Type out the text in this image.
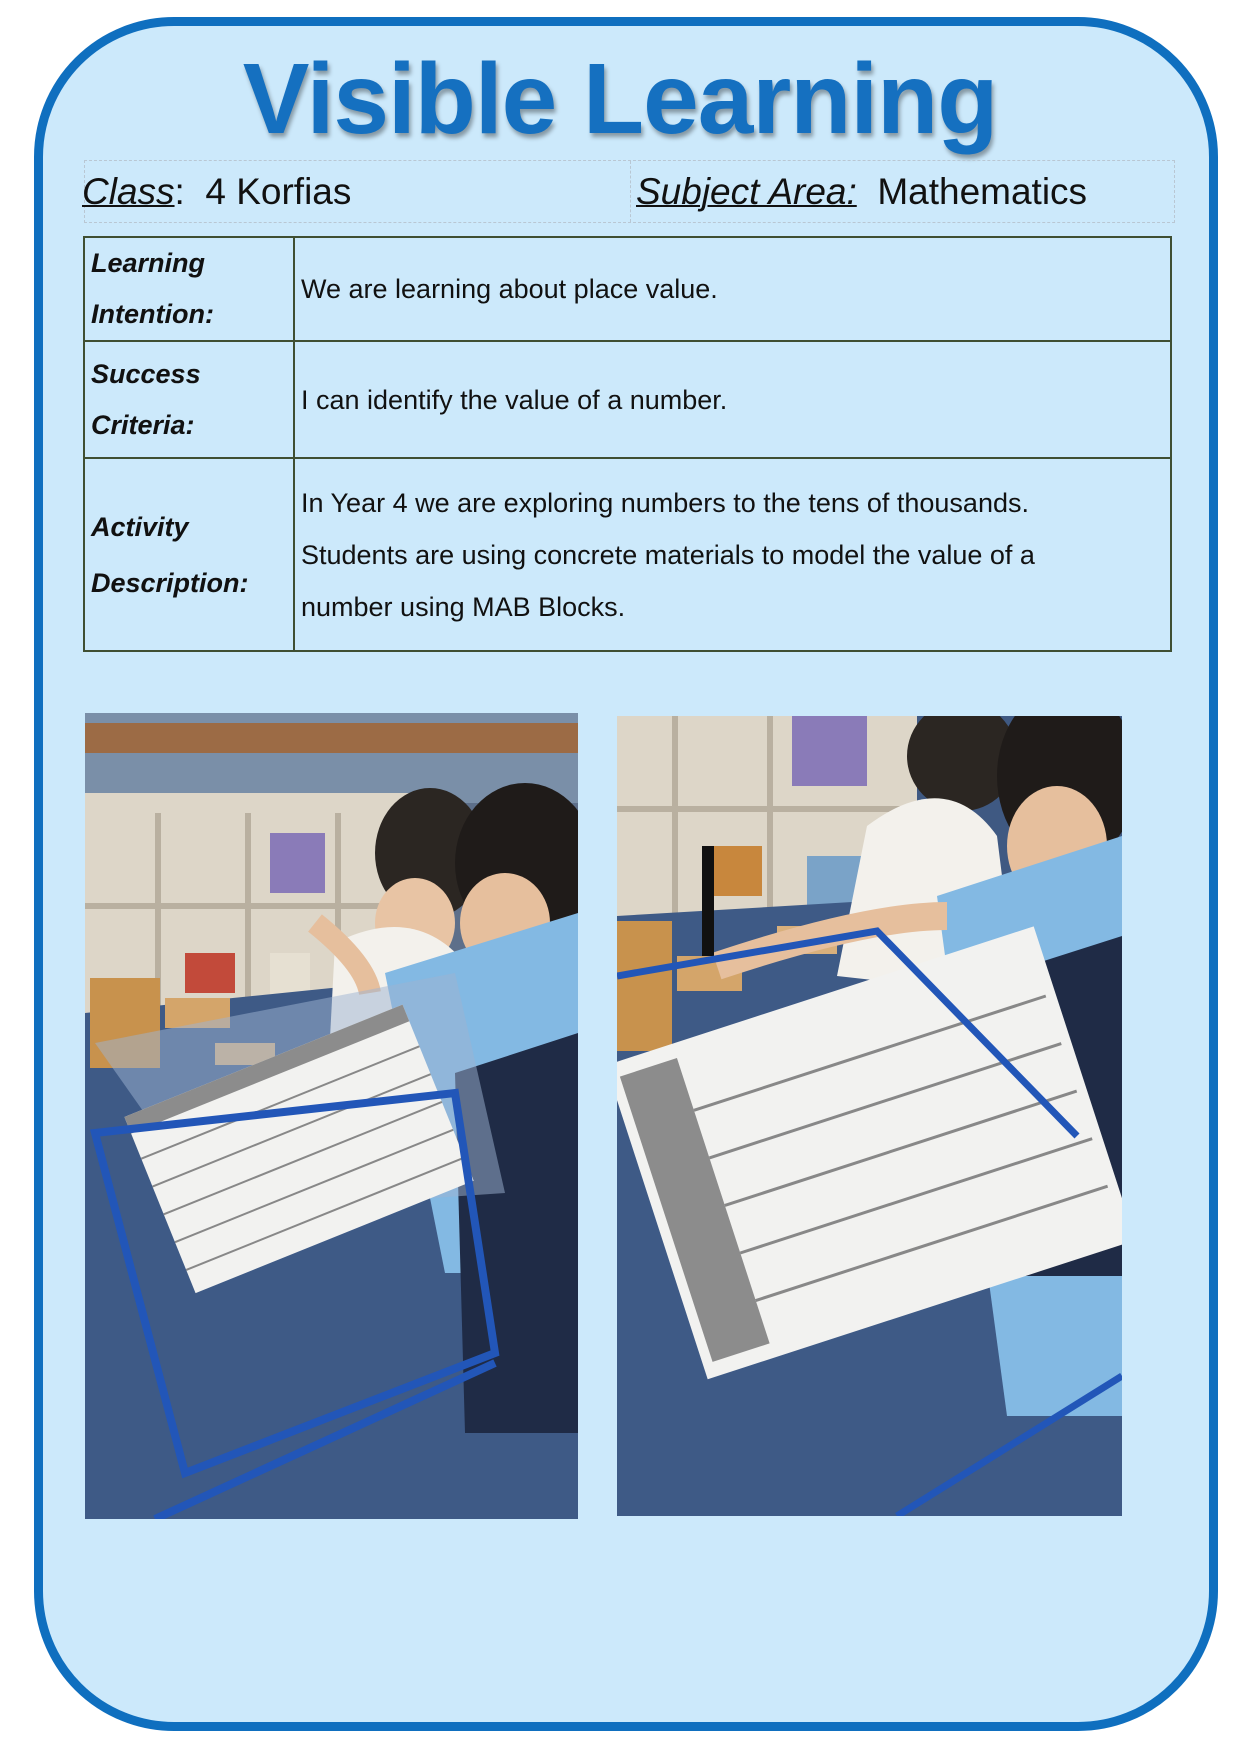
Visible Learning
Class:  4 Korfias	Subject Area: Mathematics
Learning
Intention:	We are learning about place value.
Success
Criteria:	I can identify the value of a number.
Activity
Description:	In Year 4 we are exploring numbers to the tens of thousands.
Students are using concrete materials to model the value of a
number using MAB Blocks.
